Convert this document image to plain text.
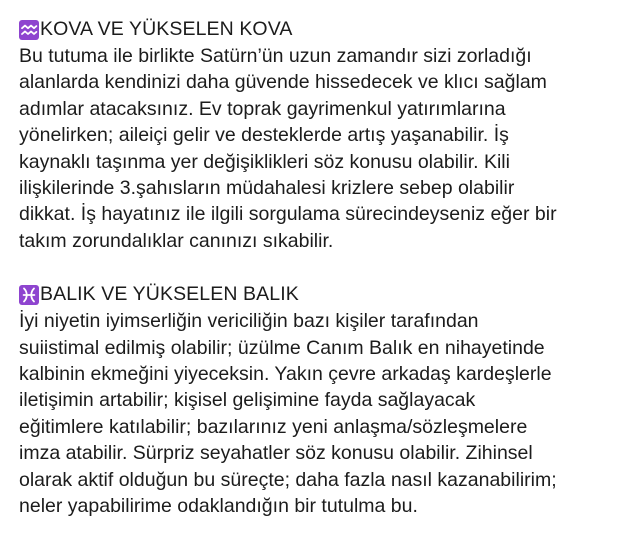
KOVA VE YÜKSELEN KOVA

Bu tutuma ile birlikte Satürn’ün uzun zamandır sizi zorladığı
alanlarda kendinizi daha güvende hissedecek ve klıcı sağlam
adımlar atacaksınız. Ev toprak gayrimenkul yatırımlarına
yönelirken; aileiçi gelir ve desteklerde artış yaşanabilir. İş
kaynaklı taşınma yer değişiklikleri söz konusu olabilir. Kili
ilişkilerinde 3.şahısların müdahalesi krizlere sebep olabilir
dikkat. İş hayatınız ile ilgili sorgulama sürecindeyseniz eğer bir
takım zorundalıklar canınızı sıkabilir.

BALIK VE YÜKSELEN BALIK

İyi niyetin iyimserliğin vericiliğin bazı kişiler tarafından
suiistimal edilmiş olabilir; üzülme Canım Balık en nihayetinde
kalbinin ekmeğini yiyeceksin. Yakın çevre arkadaş kardeşlerle
iletişimin artabilir; kişisel gelişimine fayda sağlayacak
eğitimlere katılabilir; bazılarınız yeni anlaşma/sözleşmelere
imza atabilir. Sürpriz seyahatler söz konusu olabilir. Zihinsel
olarak aktif olduğun bu süreçte; daha fazla nasıl kazanabilirim;
neler yapabilirime odaklandığın bir tutulma bu.
